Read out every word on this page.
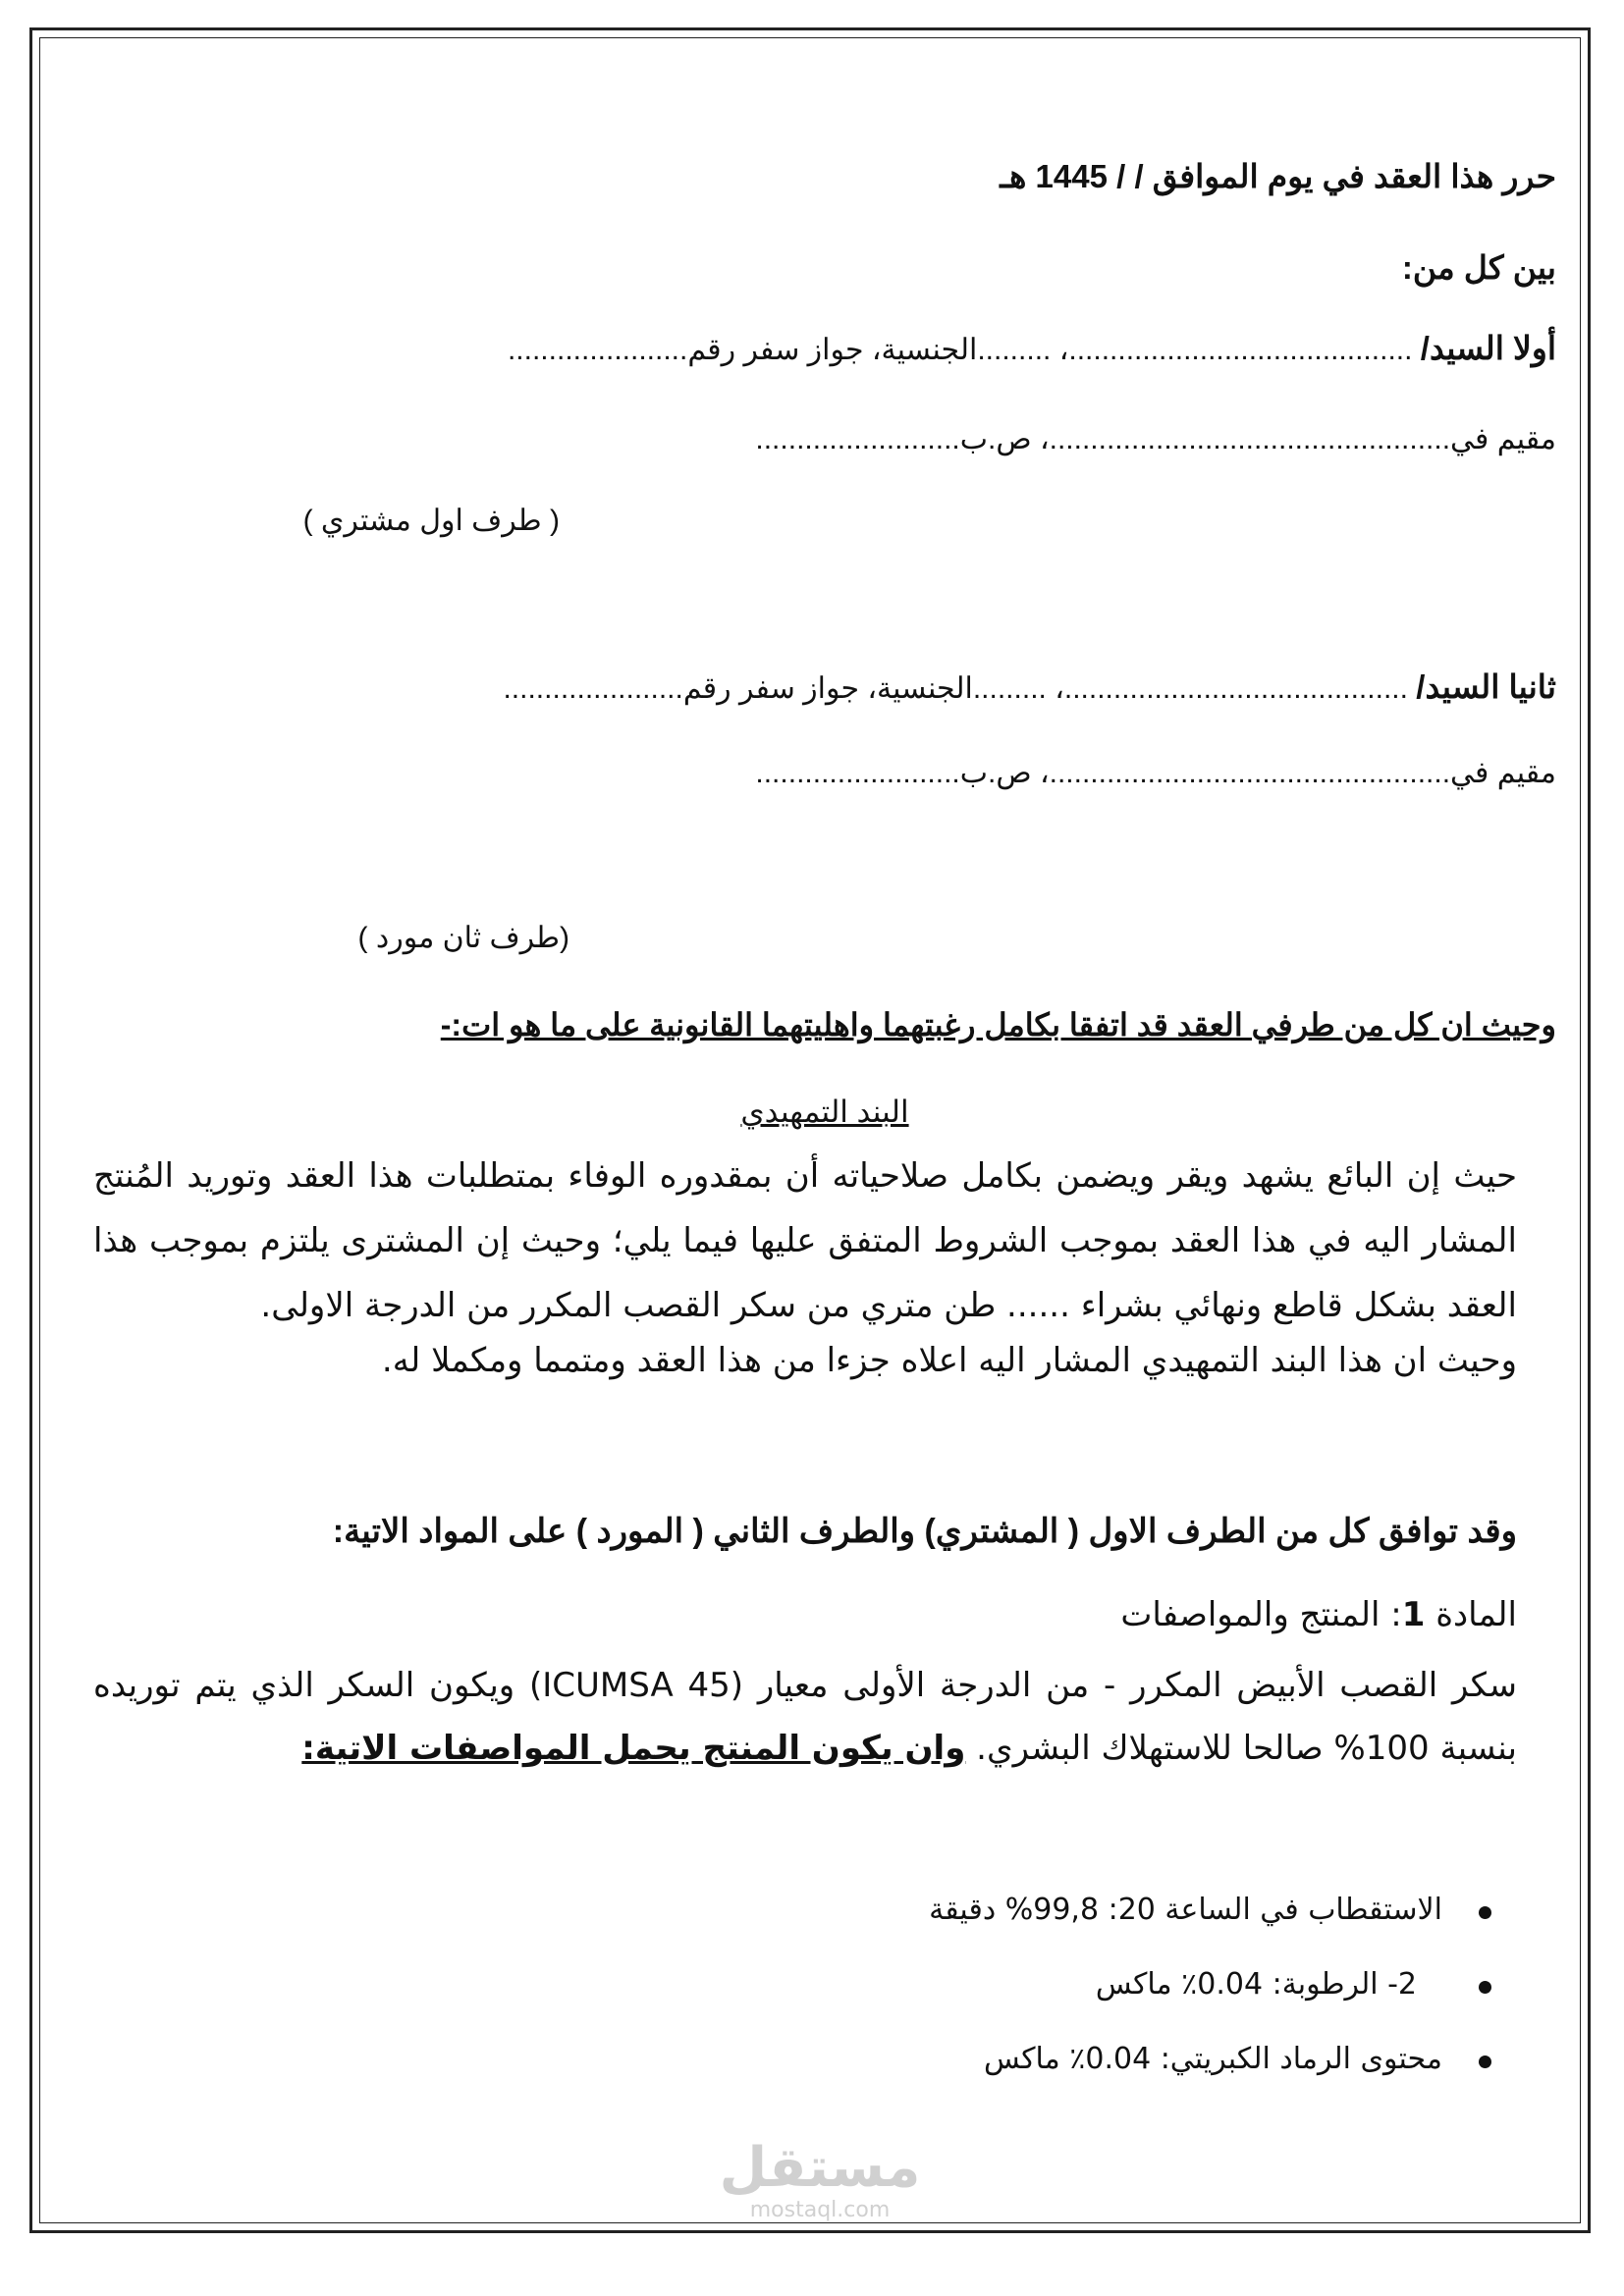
حرر هذا العقد في يوم الموافق / / 1445 هـ
بين كل من:
أولا السيد/ ..........................................، .........الجنسية، جواز سفر رقم......................
مقيم في.................................................، ص.ب.........................
( طرف اول مشتري )
ثانيا السيد/ ..........................................، .........الجنسية، جواز سفر رقم......................
مقيم في.................................................، ص.ب.........................
(طرف ثان مورد )
وحيث ان كل من طرفي العقد قد اتفقا بكامل رغبتهما واهليتهما القانونية على ما هو ات:-
البند التمهيدي
حيث إن البائع يشهد ويقر ويضمن بكامل صلاحياته أن بمقدوره الوفاء بمتطلبات هذا العقد وتوريد المُنتج المشار اليه في هذا العقد بموجب الشروط المتفق عليها فيما يلي؛ وحيث إن المشترى يلتزم بموجب هذا العقد بشكل قاطع ونهائي بشراء ...... طن متري من سكر القصب المكرر من الدرجة الاولى.
وحيث ان هذا البند التمهيدي المشار اليه اعلاه جزءا من هذا العقد ومتمما ومكملا له.
وقد توافق كل من الطرف الاول ( المشتري) والطرف الثاني ( المورد ) على المواد الاتية:
المادة 1: المنتج والمواصفات
سكر القصب الأبيض المكرر - من الدرجة الأولى معيار (ICUMSA 45) ويكون السكر الذي يتم توريده بنسبة 100% صالحا للاستهلاك البشري. وان يكون المنتج يحمل المواصفات الاتية:
الاستقطاب في الساعة 20: 99,8% دقيقة
2- الرطوبة: 0.04٪ ماكس
محتوى الرماد الكبريتي: 0.04٪ ماكس
مستقل
mostaql.com
